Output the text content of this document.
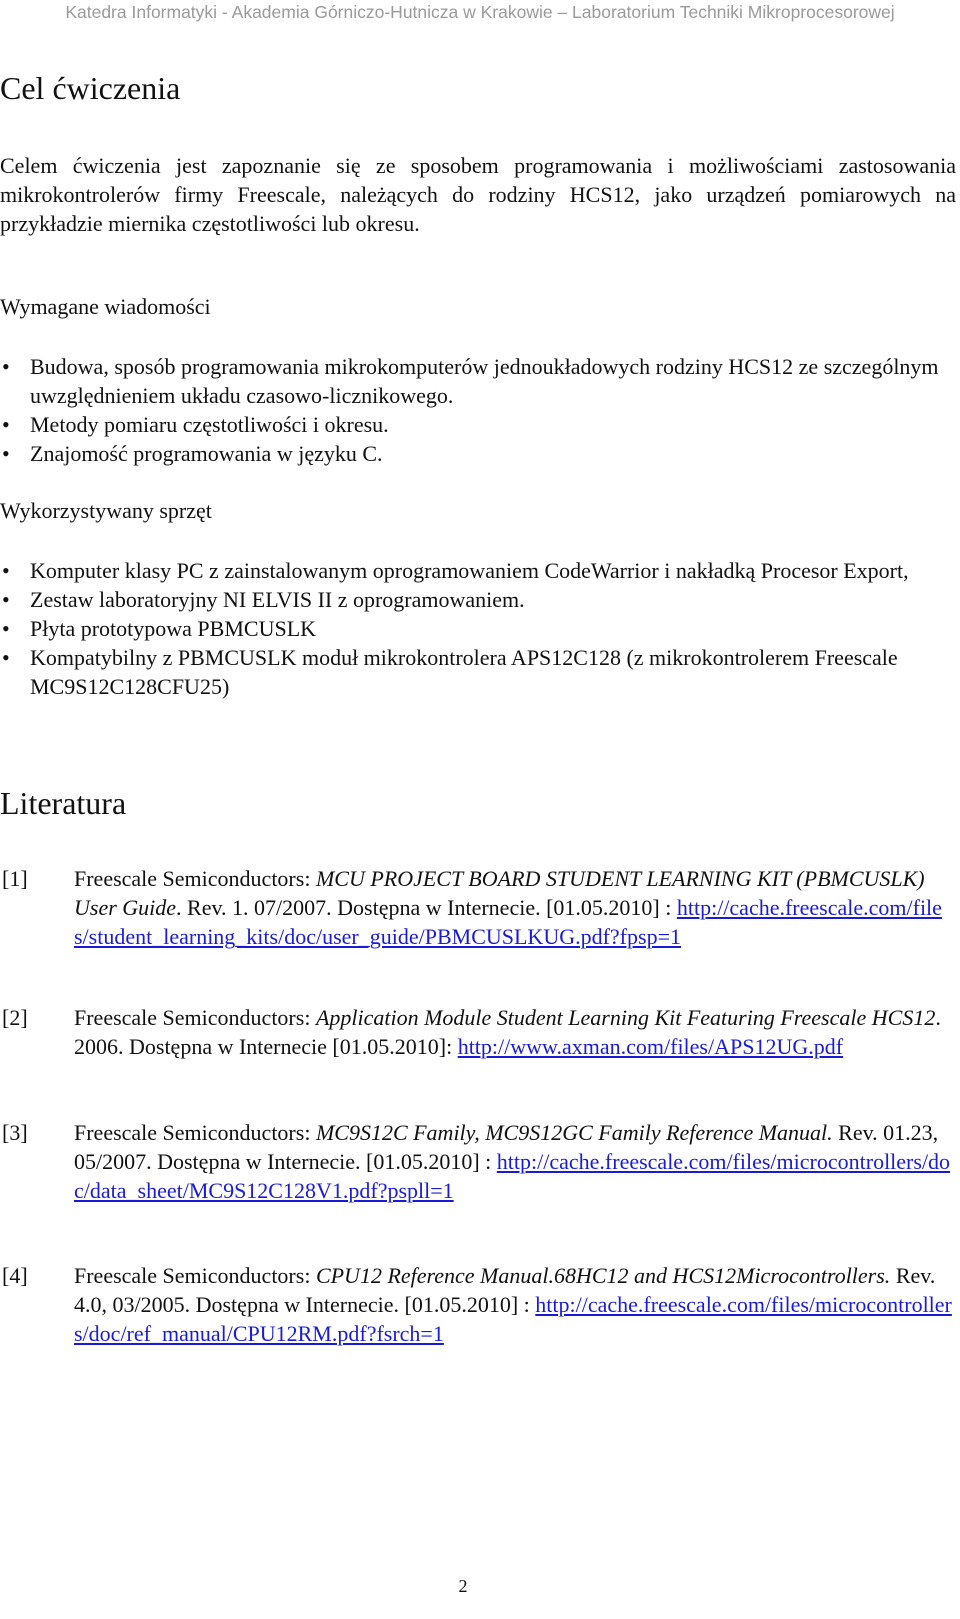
Katedra Informatyki - Akademia Górniczo-Hutnicza w Krakowie – Laboratorium Techniki Mikroprocesorowej
Cel ćwiczenia

Celem ćwiczenia jest zapoznanie się ze sposobem programowania i możliwościami zastosowania mikrokontrolerów firmy Freescale, należących do rodziny HCS12, jako urządzeń pomiarowych na przykładzie miernika częstotliwości lub okresu.

Wymagane wiadomości

• Budowa, sposób programowania mikrokomputerów jednoukładowych rodziny HCS12 ze szczególnym uwzględnieniem układu czasowo-licznikowego.
• Metody pomiaru częstotliwości i okresu.
• Znajomość programowania w języku C.

Wykorzystywany sprzęt

• Komputer klasy PC z zainstalowanym oprogramowaniem CodeWarrior i nakładką Procesor Export,
• Zestaw laboratoryjny NI ELVIS II z oprogramowaniem.
• Płyta prototypowa PBMCUSLK
• Kompatybilny z PBMCUSLK moduł mikrokontrolera APS12C128 (z mikrokontrolerem Freescale MC9S12C128CFU25)
Literatura
[1] Freescale Semiconductors: MCU PROJECT BOARD STUDENT LEARNING KIT (PBMCUSLK) User Guide. Rev. 1. 07/2007. Dostępna w Internecie. [01.05.2010] : http://cache.freescale.com/files/student_learning_kits/doc/user_guide/PBMCUSLKUG.pdf?fpsp=1
[2] Freescale Semiconductors: Application Module Student Learning Kit Featuring Freescale HCS12. 2006. Dostępna w Internecie [01.05.2010]: http://www.axman.com/files/APS12UG.pdf
[3] Freescale Semiconductors: MC9S12C Family, MC9S12GC Family Reference Manual. Rev. 01.23, 05/2007. Dostępna w Internecie. [01.05.2010] : http://cache.freescale.com/files/microcontrollers/doc/data_sheet/MC9S12C128V1.pdf?pspll=1
[4] Freescale Semiconductors: CPU12 Reference Manual.68HC12 and HCS12Microcontrollers. Rev. 4.0, 03/2005. Dostępna w Internecie. [01.05.2010] : http://cache.freescale.com/files/microcontrollers/doc/ref_manual/CPU12RM.pdf?fsrch=1
2
